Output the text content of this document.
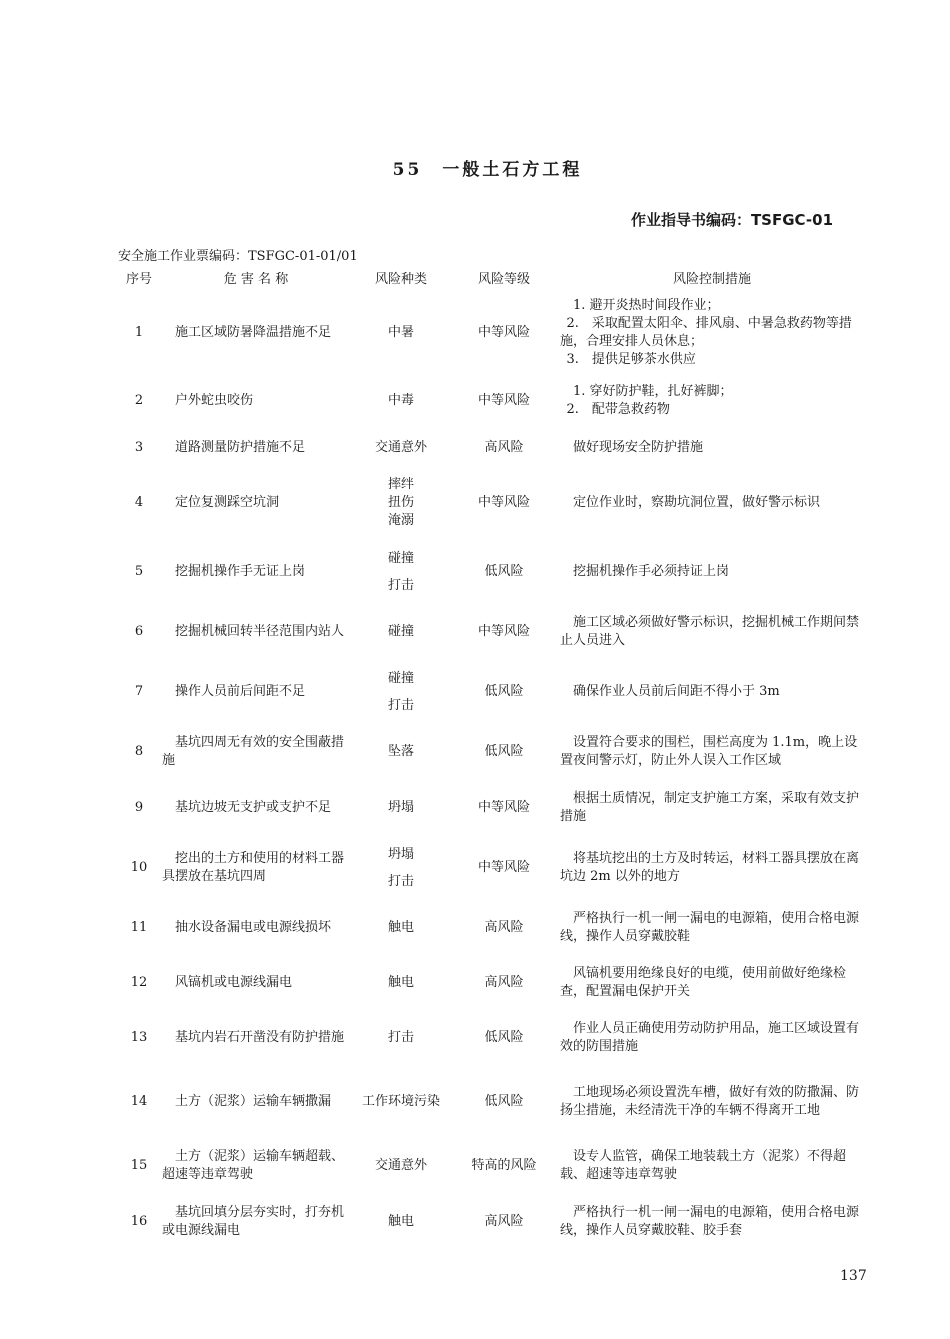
55　一般土石方工程
作业指导书编码：TSFGC-01
安全施工作业票编码：TSFGC-01-01/01
序号	危 害 名 称	风险种类	风险等级	风险控制措施
1	施工区域防暑降温措施不足	中暑	中等风险	1. 避开炎热时间段作业；
2.　采取配置太阳伞、排风扇、中暑急救药物等措施，合理安排人员休息；
3.　提供足够茶水供应

2	户外蛇虫咬伤	中毒	中等风险	1. 穿好防护鞋，扎好裤脚；
2.　配带急救药物

3	道路测量防护措施不足	交通意外	高风险	做好现场安全防护措施

4	定位复测踩空坑洞	摔绊
扭伤
淹溺	中等风险	定位作业时，察勘坑洞位置，做好警示标识

5	挖掘机操作手无证上岗	碰撞
打击	低风险	挖掘机操作手必须持证上岗

6	挖掘机械回转半径范围内站人	碰撞	中等风险	施工区域必须做好警示标识，挖掘机械工作期间禁止人员进入

7	操作人员前后间距不足	碰撞
打击	低风险	确保作业人员前后间距不得小于 3m

8	基坑四周无有效的安全围蔽措施	坠落	低风险	设置符合要求的围栏，围栏高度为 1.1m，晚上设置夜间警示灯，防止外人误入工作区域

9	基坑边坡无支护或支护不足	坍塌	中等风险	根据土质情况，制定支护施工方案，采取有效支护措施

10	挖出的土方和使用的材料工器具摆放在基坑四周	坍塌
打击	中等风险	将基坑挖出的土方及时转运，材料工器具摆放在离坑边 2m 以外的地方

11	抽水设备漏电或电源线损坏	触电	高风险	严格执行一机一闸一漏电的电源箱，使用合格电源线，操作人员穿戴胶鞋

12	风镐机或电源线漏电	触电	高风险	风镐机要用绝缘良好的电缆，使用前做好绝缘检查，配置漏电保护开关

13	基坑内岩石开凿没有防护措施	打击	低风险	作业人员正确使用劳动防护用品，施工区域设置有效的防围措施

14	土方（泥浆）运输车辆撒漏	工作环境污染	低风险	工地现场必须设置洗车槽，做好有效的防撒漏、防扬尘措施，未经清洗干净的车辆不得离开工地

15	土方（泥浆）运输车辆超载、超速等违章驾驶	交通意外	特高的风险	设专人监管，确保工地装载土方（泥浆）不得超载、超速等违章驾驶

16	基坑回填分层夯实时，打夯机或电源线漏电	触电	高风险	严格执行一机一闸一漏电的电源箱，使用合格电源线，操作人员穿戴胶鞋、胶手套
137
